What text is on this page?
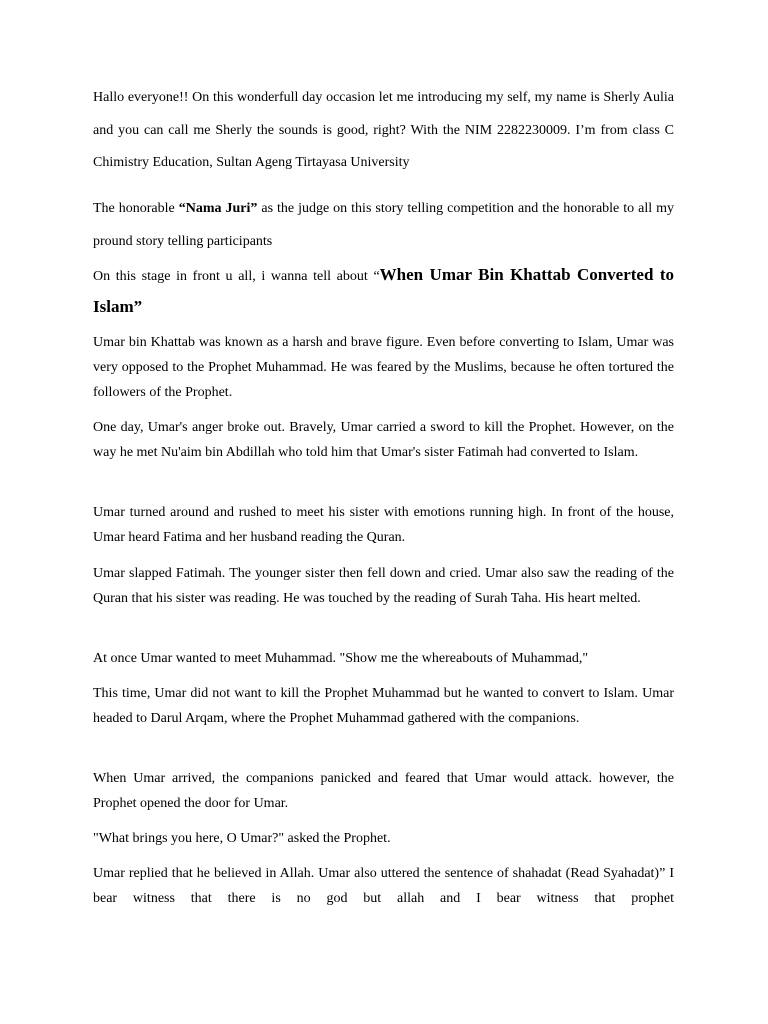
Hallo everyone!! On this wonderfull day occasion let me introducing my self, my name is Sherly Aulia and you can call me Sherly the sounds is good, right? With the NIM 2282230009. I’m from class C Chimistry Education, Sultan Ageng Tirtayasa University

The honorable “Nama Juri” as the judge on this story telling competition and the honorable to all my pround story telling participants

On this stage in front u all, i wanna tell about “When Umar Bin Khattab Converted to Islam”

Umar bin Khattab was known as a harsh and brave figure. Even before converting to Islam, Umar was very opposed to the Prophet Muhammad. He was feared by the Muslims, because he often tortured the followers of the Prophet.

One day, Umar's anger broke out. Bravely, Umar carried a sword to kill the Prophet. However, on the way he met Nu'aim bin Abdillah who told him that Umar's sister Fatimah had converted to Islam.

Umar turned around and rushed to meet his sister with emotions running high. In front of the house, Umar heard Fatima and her husband reading the Quran.

Umar slapped Fatimah. The younger sister then fell down and cried. Umar also saw the reading of the Quran that his sister was reading. He was touched by the reading of Surah Taha. His heart melted.

At once Umar wanted to meet Muhammad. "Show me the whereabouts of Muhammad,"

This time, Umar did not want to kill the Prophet Muhammad but he wanted to convert to Islam. Umar headed to Darul Arqam, where the Prophet Muhammad gathered with the companions.

When Umar arrived, the companions panicked and feared that Umar would attack. however, the Prophet opened the door for Umar.

"What brings you here, O Umar?" asked the Prophet.

Umar replied that he believed in Allah. Umar also uttered the sentence of shahadat (Read Syahadat)” I bear witness that there is no god but allah and I bear witness that prophet
